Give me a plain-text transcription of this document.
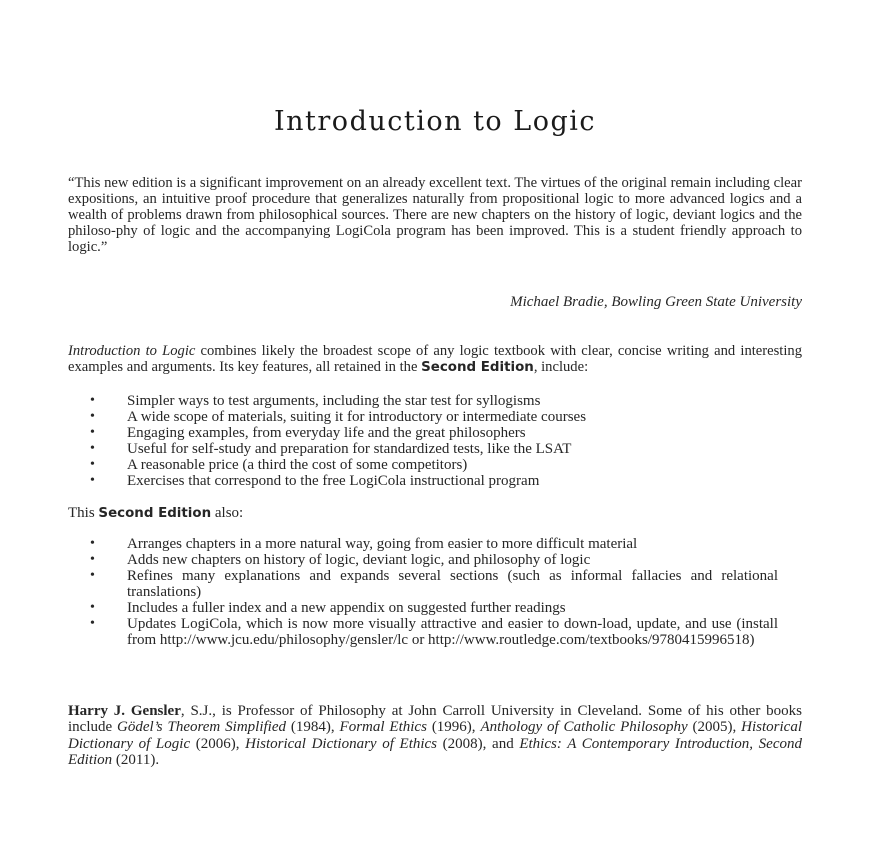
Introduction to Logic

“This new edition is a significant improvement on an already excellent text. The virtues of the original remain including clear expositions, an intuitive proof procedure that generalizes naturally from propositional logic to more advanced logics and a wealth of problems drawn from philosophical sources. There are new chapters on the history of logic, deviant logics and the philoso-phy of logic and the accompanying LogiCola program has been improved. This is a student friendly approach to logic.”

Michael Bradie, Bowling Green State University

Introduction to Logic combines likely the broadest scope of any logic textbook with clear, concise writing and interesting examples and arguments. Its key features, all retained in the Second Edition, include:

• Simpler ways to test arguments, including the star test for syllogisms
• A wide scope of materials, suiting it for introductory or intermediate courses
• Engaging examples, from everyday life and the great philosophers
• Useful for self-study and preparation for standardized tests, like the LSAT
• A reasonable price (a third the cost of some competitors)
• Exercises that correspond to the free LogiCola instructional program
This Second Edition also:
• Arranges chapters in a more natural way, going from easier to more difficult material
• Adds new chapters on history of logic, deviant logic, and philosophy of logic
• Refines many explanations and expands several sections (such as informal fallacies and relational translations)
• Includes a fuller index and a new appendix on suggested further readings
• Updates LogiCola, which is now more visually attractive and easier to down-load, update, and use (install from http://www.jcu.edu/philosophy/gensler/lc or http://www.routledge.com/textbooks/9780415996518)

Harry J. Gensler, S.J., is Professor of Philosophy at John Carroll University in Cleveland. Some of his other books include Gödel’s Theorem Simplified (1984), Formal Ethics (1996), Anthology of Catholic Philosophy (2005), Historical Dictionary of Logic (2006), Historical Dictionary of Ethics (2008), and Ethics: A Contemporary Introduction, Second Edition (2011).
